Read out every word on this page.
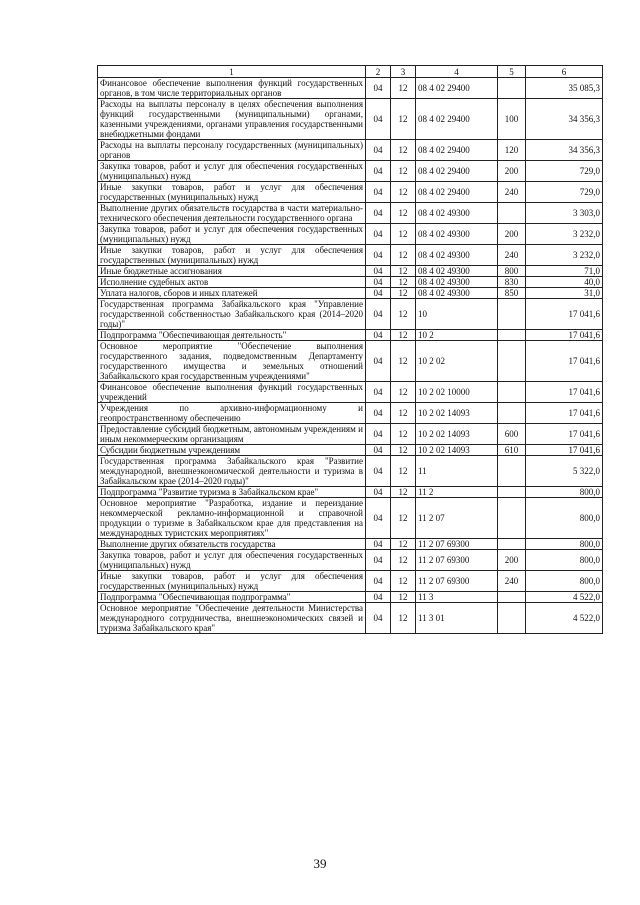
1	2	3	4	5	6
Финансовое обеспечение выполнения функций государственных органов, в том числе территориальных органов	04	12	08 4 02 29400		35 085,3
Расходы на выплаты персоналу в целях обеспечения выполнения функций государственными (муниципальными) органами, казенными учреждениями, органами управления государственными внебюджетными фондами	04	12	08 4 02 29400	100	34 356,3
Расходы на выплаты персоналу государственных (муниципальных) органов	04	12	08 4 02 29400	120	34 356,3
Закупка товаров, работ и услуг для обеспечения государственных (муниципальных) нужд	04	12	08 4 02 29400	200	729,0
Иные закупки товаров, работ и услуг для обеспечения государственных (муниципальных) нужд	04	12	08 4 02 29400	240	729,0
Выполнение других обязательств государства в части материально-технического обеспечения деятельности государственного органа	04	12	08 4 02 49300		3 303,0
Закупка товаров, работ и услуг для обеспечения государственных (муниципальных) нужд	04	12	08 4 02 49300	200	3 232,0
Иные закупки товаров, работ и услуг для обеспечения государственных (муниципальных) нужд	04	12	08 4 02 49300	240	3 232,0
Иные бюджетные ассигнования	04	12	08 4 02 49300	800	71,0
Исполнение судебных актов	04	12	08 4 02 49300	830	40,0
Уплата налогов, сборов и иных платежей	04	12	08 4 02 49300	850	31,0
Государственная программа Забайкальского края "Управление государственной собственностью Забайкальского края (2014–2020 годы)"	04	12	10		17 041,6
Подпрограмма "Обеспечивающая деятельность"	04	12	10 2		17 041,6
Основное мероприятие "Обеспечение выполнения государственного задания, подведомственным Департаменту государственного имущества и земельных отношений Забайкальского края государственным учреждениями"	04	12	10 2 02		17 041,6
Финансовое обеспечение выполнения функций государственных учреждений	04	12	10 2 02 10000		17 041,6
Учреждения по архивно-информационному и геопространственному обеспечению	04	12	10 2 02 14093		17 041,6
Предоставление субсидий бюджетным, автономным учреждениям и иным некоммерческим организациям	04	12	10 2 02 14093	600	17 041,6
Субсидии бюджетным учреждениям	04	12	10 2 02 14093	610	17 041,6
Государственная программа Забайкальского края "Развитие международной, внешнеэкономической деятельности и туризма в Забайкальском крае (2014–2020 годы)"	04	12	11		5 322,0
Подпрограмма "Развитие туризма в Забайкальском крае"	04	12	11 2		800,0
Основное мероприятие "Разработка, издание и переиздание некоммерческой рекламно-информационной и справочной продукции о туризме в Забайкальском крае для представления на международных туристских мероприятиях"	04	12	11 2 07		800,0
Выполнение других обязательств государства	04	12	11 2 07 69300		800,0
Закупка товаров, работ и услуг для обеспечения государственных (муниципальных) нужд	04	12	11 2 07 69300	200	800,0
Иные закупки товаров, работ и услуг для обеспечения государственных (муниципальных) нужд	04	12	11 2 07 69300	240	800,0
Подпрограмма "Обеспечивающая подпрограмма"	04	12	11 3		4 522,0
Основное мероприятие "Обеспечение деятельности Министерства международного сотрудничества, внешнеэкономических связей и туризма Забайкальского края"	04	12	11 3 01		4 522,0
39
